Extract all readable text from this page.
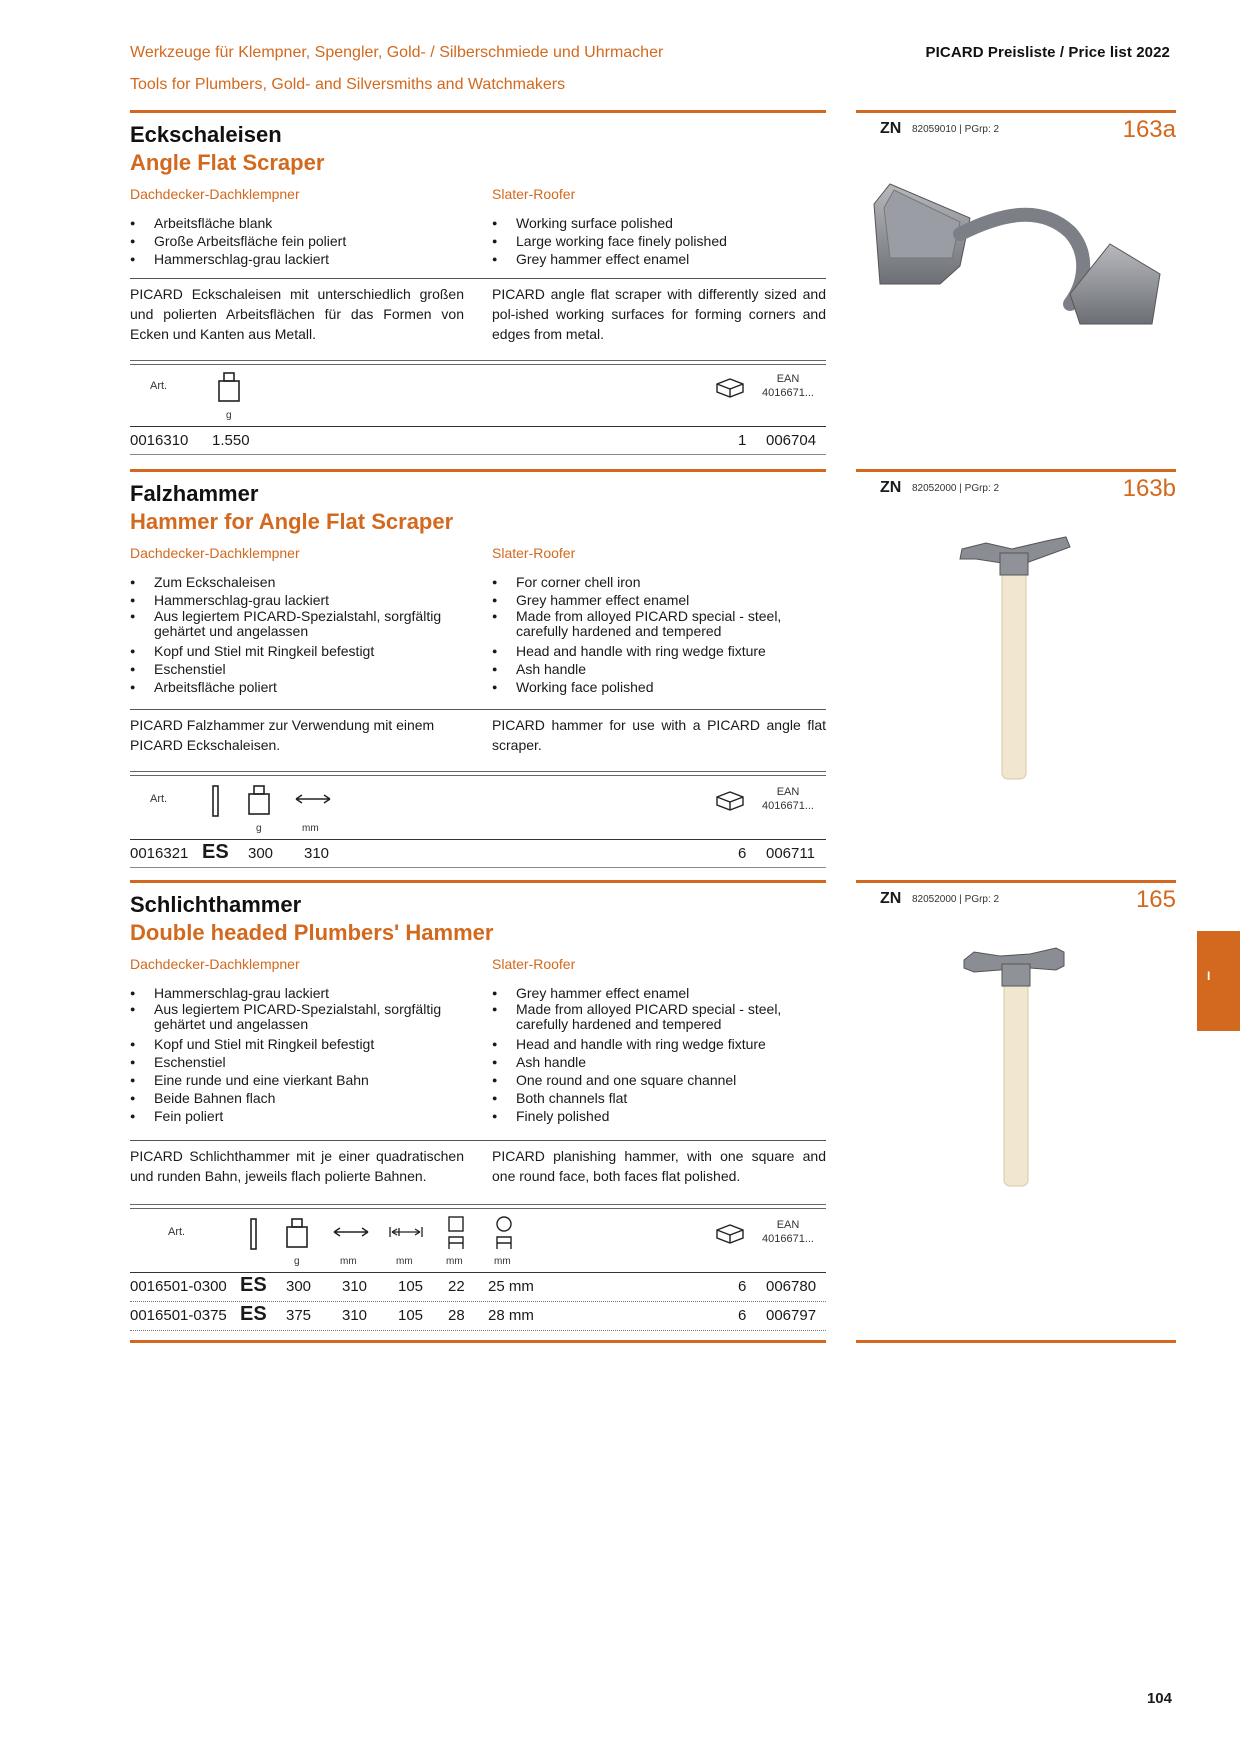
Werkzeuge für Klempner, Spengler, Gold- / Silberschmiede und Uhrmacher
Tools for Plumbers, Gold- and Silversmiths and Watchmakers
PICARD Preisliste / Price list 2022
Eckschaleisen
Angle Flat Scraper
Dachdecker-Dachklempner	Slater-Roofer
● Arbeitsfläche blank
● Große Arbeitsfläche fein poliert
● Hammerschlag-grau lackiert
● Working surface polished
● Large working face finely polished
● Grey hammer effect enamel
PICARD Eckschaleisen mit unterschiedlich großen und polierten Arbeitsflächen für das Formen von Ecken und Kanten aus Metall.
PICARD angle flat scraper with differently sized and pol-ished working surfaces for forming corners and edges from metal.
Art.
g
EAN
4016671...
0016310 1.550	1 006704
Falzhammer
Hammer for Angle Flat Scraper
Dachdecker-Dachklempner	Slater-Roofer
● Zum Eckschaleisen
● Hammerschlag-grau lackiert
● Aus legiertem PICARD-Spezialstahl, sorgfältig gehärtet und angelassen
● Kopf und Stiel mit Ringkeil befestigt
● Eschenstiel
● Arbeitsfläche poliert
● For corner chell iron
● Grey hammer effect enamel
● Made from alloyed PICARD special - steel, carefully hardened and tempered
● Head and handle with ring wedge fixture
● Ash handle
● Working face polished
PICARD Falzhammer zur Verwendung mit einem PICARD Eckschaleisen.
PICARD hammer for use with a PICARD angle flat scraper.
Art.
g	mm
EAN
4016671...
0016321 ES 300 310	6 006711
Schlichthammer
Double headed Plumbers' Hammer
Dachdecker-Dachklempner	Slater-Roofer
● Hammerschlag-grau lackiert
● Aus legiertem PICARD-Spezialstahl, sorgfältig gehärtet und angelassen
● Kopf und Stiel mit Ringkeil befestigt
● Eschenstiel
● Eine runde und eine vierkant Bahn
● Beide Bahnen flach
● Fein poliert
● Grey hammer effect enamel
● Made from alloyed PICARD special - steel, carefully hardened and tempered
● Head and handle with ring wedge fixture
● Ash handle
● One round and one square channel
● Both channels flat
● Finely polished
PICARD Schlichthammer mit je einer quadratischen und runden Bahn, jeweils flach polierte Bahnen.
PICARD planishing hammer, with one square and one round face, both faces flat polished.
Art.
g	mm	mm	mm	mm
EAN
4016671...
0016501-0300 ES 300 310 105 22 25 mm	6 006780
0016501-0375 ES 375 310 105 28 28 mm	6 006797
ZN 82059010 | PGrp: 2	163a
ZN 82052000 | PGrp: 2	163b
ZN 82052000 | PGrp: 2	165
I
104
